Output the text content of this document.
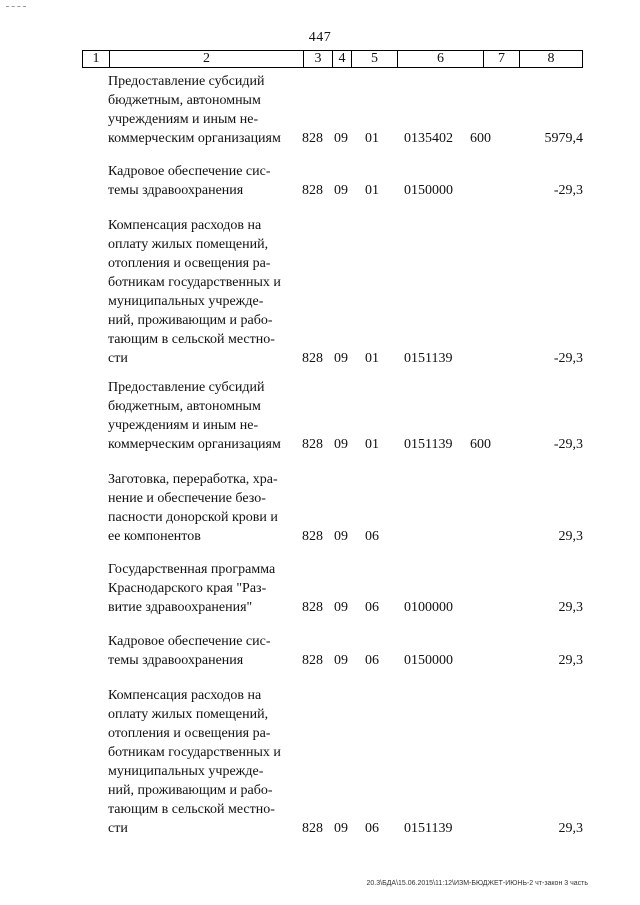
447
1	2	3	4	5	6	7	8
Предоставление субсидий
бюджетным, автономным
учреждениям и иным не-
коммерческим организациям	828 09 01 0135402 600	5979,4
Кадровое обеспечение сис-
темы здравоохранения	828 09 01 0150000	-29,3
Компенсация расходов на
оплату жилых помещений,
отопления и освещения ра-
ботникам государственных и
муниципальных учрежде-
ний, проживающим и рабо-
тающим в сельской местно-
сти	828 09 01 0151139	-29,3
Предоставление субсидий
бюджетным, автономным
учреждениям и иным не-
коммерческим организациям	828 09 01 0151139 600	-29,3
Заготовка, переработка, хра-
нение и обеспечение безо-
пасности донорской крови и
ее компонентов	828 09 06	29,3
Государственная программа
Краснодарского края "Раз-
витие здравоохранения"	828 09 06 0100000	29,3
Кадровое обеспечение сис-
темы здравоохранения	828 09 06 0150000	29,3
Компенсация расходов на
оплату жилых помещений,
отопления и освещения ра-
ботникам государственных и
муниципальных учрежде-
ний, проживающим и рабо-
тающим в сельской местно-
сти	828 09 06 0151139	29,3
20.3\БДА\15.06.2015\11:12\ИЗМ-БЮДЖЕТ-ИЮНЬ-2 чт-закон 3 часть
